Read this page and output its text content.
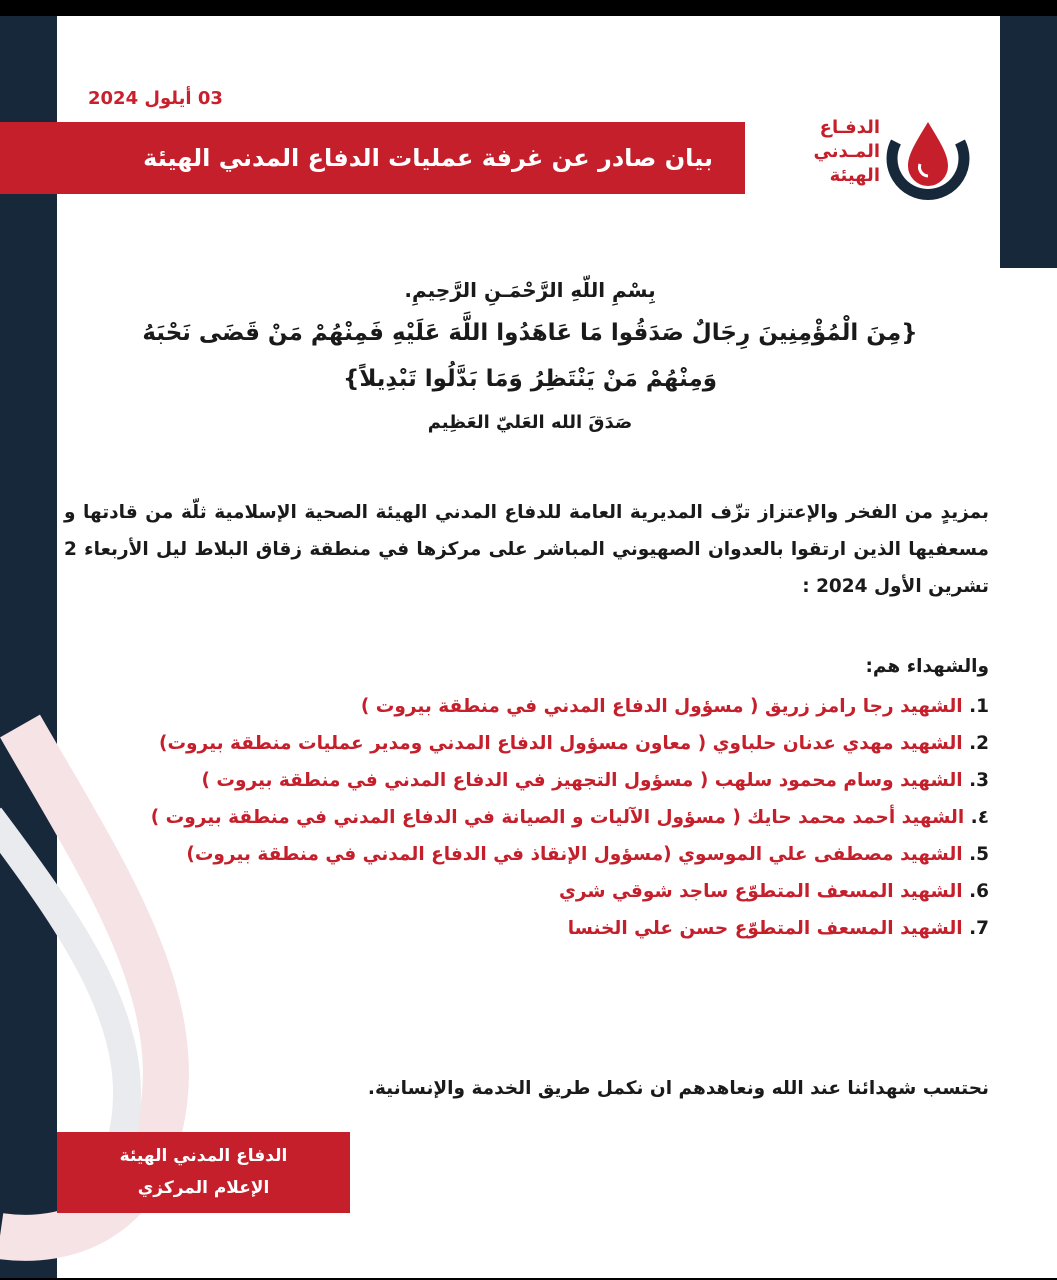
03 أيلول 2024
بيان صادر عن غرفة عمليات الدفاع المدني الهيئة
الدفـاع
المـدني
الهيئة
بِسْمِ اللّهِ الرَّحْمَـنِ الرَّحِيمِ.
{مِنَ الْمُؤْمِنِينَ رِجَالٌ صَدَقُوا مَا عَاهَدُوا اللَّهَ عَلَيْهِ فَمِنْهُمْ مَنْ قَضَى نَحْبَهُ
وَمِنْهُمْ مَنْ يَنْتَظِرُ وَمَا بَدَّلُوا تَبْدِيلاً}
صَدَقَ الله العَليّ العَظِيم
بمزيدٍ من الفخر والإعتزاز تزّف المديرية العامة للدفاع المدني الهيئة الصحية الإسلامية ثلّة من قادتها و مسعفيها الذين ارتقوا بالعدوان الصهيوني المباشر على مركزها في منطقة زقاق البلاط ليل الأربعاء 2 تشرين الأول 2024 :
والشهداء هم:
1. الشهيد رجا رامز زريق ( مسؤول الدفاع المدني في منطقة بيروت )
2. الشهيد مهدي عدنان حلباوي ( معاون مسؤول الدفاع المدني ومدير عمليات منطقة بيروت)
3. الشهيد وسام محمود سلهب ( مسؤول التجهيز في الدفاع المدني في منطقة بيروت )
٤. الشهيد أحمد محمد حايك ( مسؤول الآليات و الصيانة في الدفاع المدني في منطقة بيروت )
5. الشهيد مصطفى علي الموسوي (مسؤول الإنقاذ في الدفاع المدني في منطقة بيروت)
6. الشهيد المسعف المتطوّع ساجد شوقي شري
7. الشهيد المسعف المتطوّع حسن علي الخنسا
نحتسب شهدائنا عند الله ونعاهدهم ان نكمل طريق الخدمة والإنسانية.
الدفاع المدني الهيئة
الإعلام المركزي
